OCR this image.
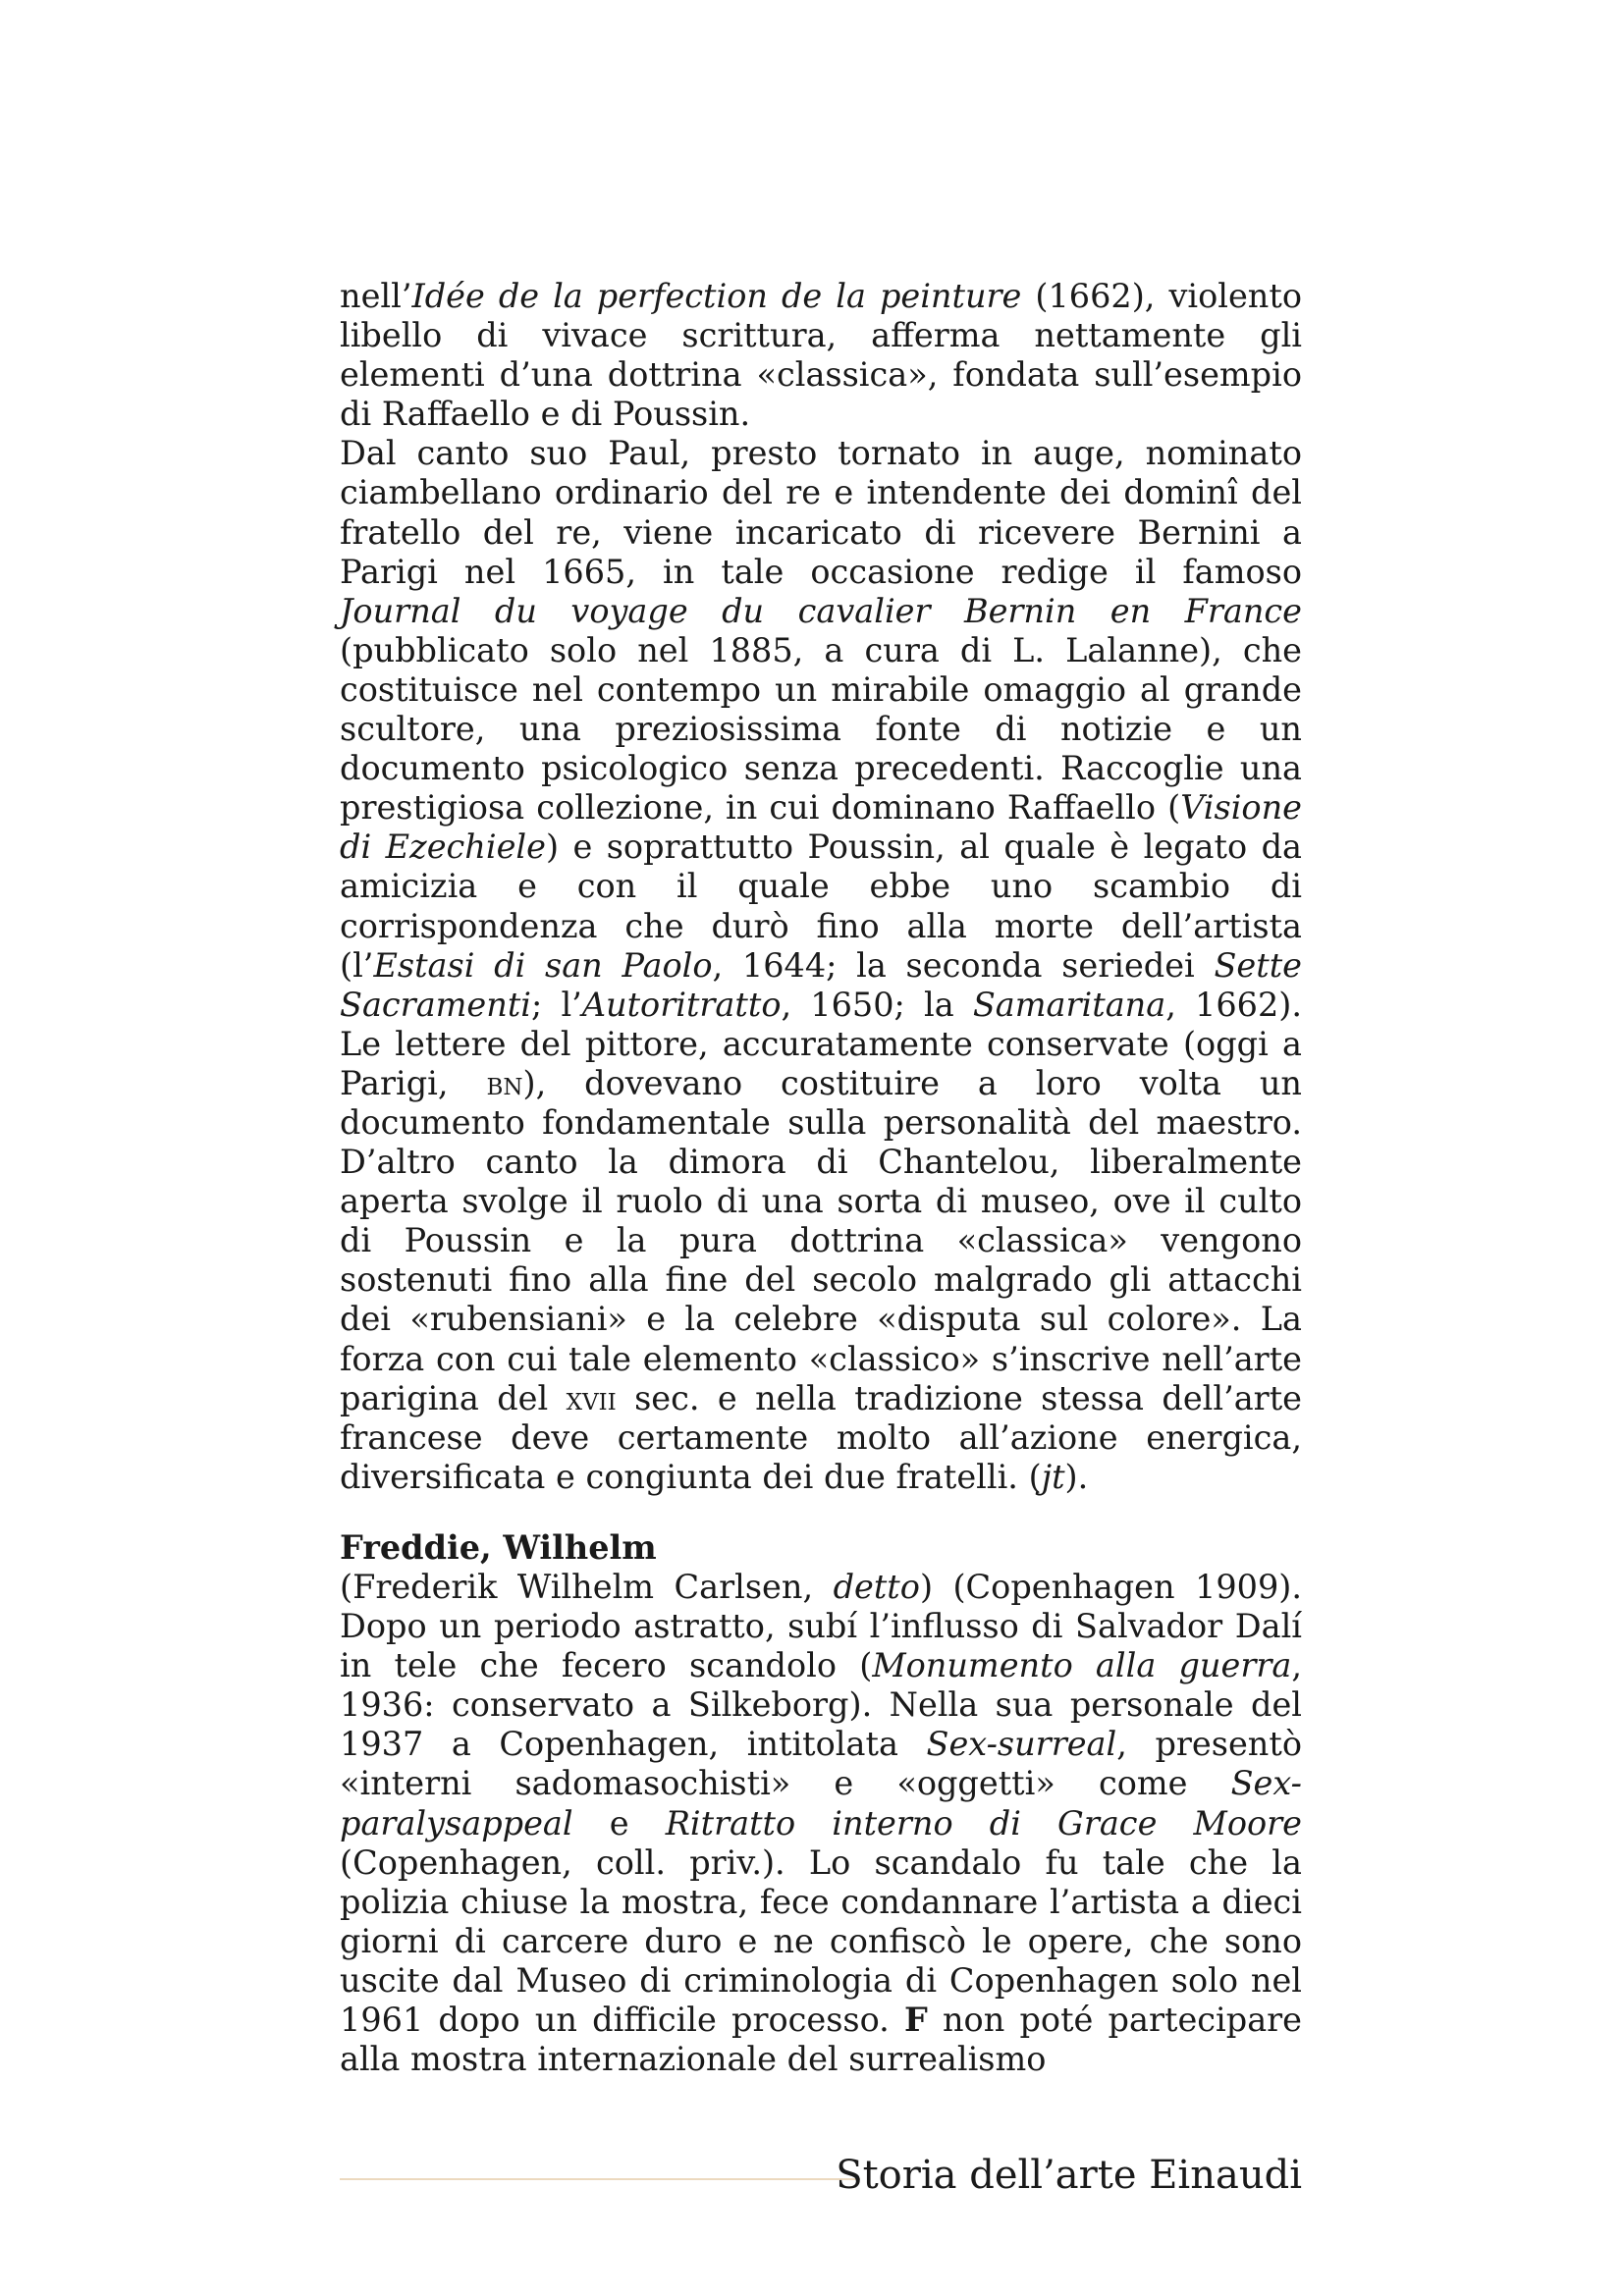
nell’Idée de la perfection de la peinture (1662), violento libello di vivace scrittura, afferma nettamente gli elementi d’una dottrina «classica», fondata sull’esempio di Raffaello e di Poussin.

Dal canto suo Paul, presto tornato in auge, nominato ciambellano ordinario del re e intendente dei dominî del fratello del re, viene incaricato di ricevere Bernini a Parigi nel 1665, in tale occasione redige il famoso Journal du voyage du cavalier Bernin en France (pubblicato solo nel 1885, a cura di L. Lalanne), che costituisce nel contempo un mirabile omaggio al grande scultore, una preziosissima fonte di notizie e un documento psicologico senza precedenti. Raccoglie una prestigiosa collezione, in cui dominano Raffaello (Visione di Ezechiele) e soprattutto Poussin, al quale è legato da amicizia e con il quale ebbe uno scambio di corrispondenza che durò fino alla morte dell’artista (l’Estasi di san Paolo, 1644; la seconda seriedei Sette Sacramenti; l’Autoritratto, 1650; la Samaritana, 1662). Le lettere del pittore, accuratamente conservate (oggi a Parigi, bn), dovevano costituire a loro volta un documento fondamentale sulla personalità del maestro. D’altro canto la dimora di Chantelou, liberalmente aperta svolge il ruolo di una sorta di museo, ove il culto di Poussin e la pura dottrina «classica» vengono sostenuti fino alla fine del secolo malgrado gli attacchi dei «rubensiani» e la celebre «disputa sul colore». La forza con cui tale elemento «classico» s’inscrive nell’arte parigina del xvii sec. e nella tradizione stessa dell’arte francese deve certamente molto all’azione energica, diversificata e congiunta dei due fratelli. (jt).

Freddie, Wilhelm

(Frederik Wilhelm Carlsen, detto) (Copenhagen 1909). Dopo un periodo astratto, subí l’influsso di Salvador Dalí in tele che fecero scandolo (Monumento alla guerra, 1936: conservato a Silkeborg). Nella sua personale del 1937 a Copenhagen, intitolata Sex-surreal, presentò «interni sadomasochisti» e «oggetti» come Sex-paralysappeal e Ritratto interno di Grace Moore (Copenhagen, coll. priv.). Lo scandalo fu tale che la polizia chiuse la mostra, fece condannare l’artista a dieci giorni di carcere duro e ne confiscò le opere, che sono uscite dal Museo di criminologia di Copenhagen solo nel 1961 dopo un difficile processo. F non poté partecipare alla mostra internazionale del surrealismo

Storia dell’arte Einaudi
